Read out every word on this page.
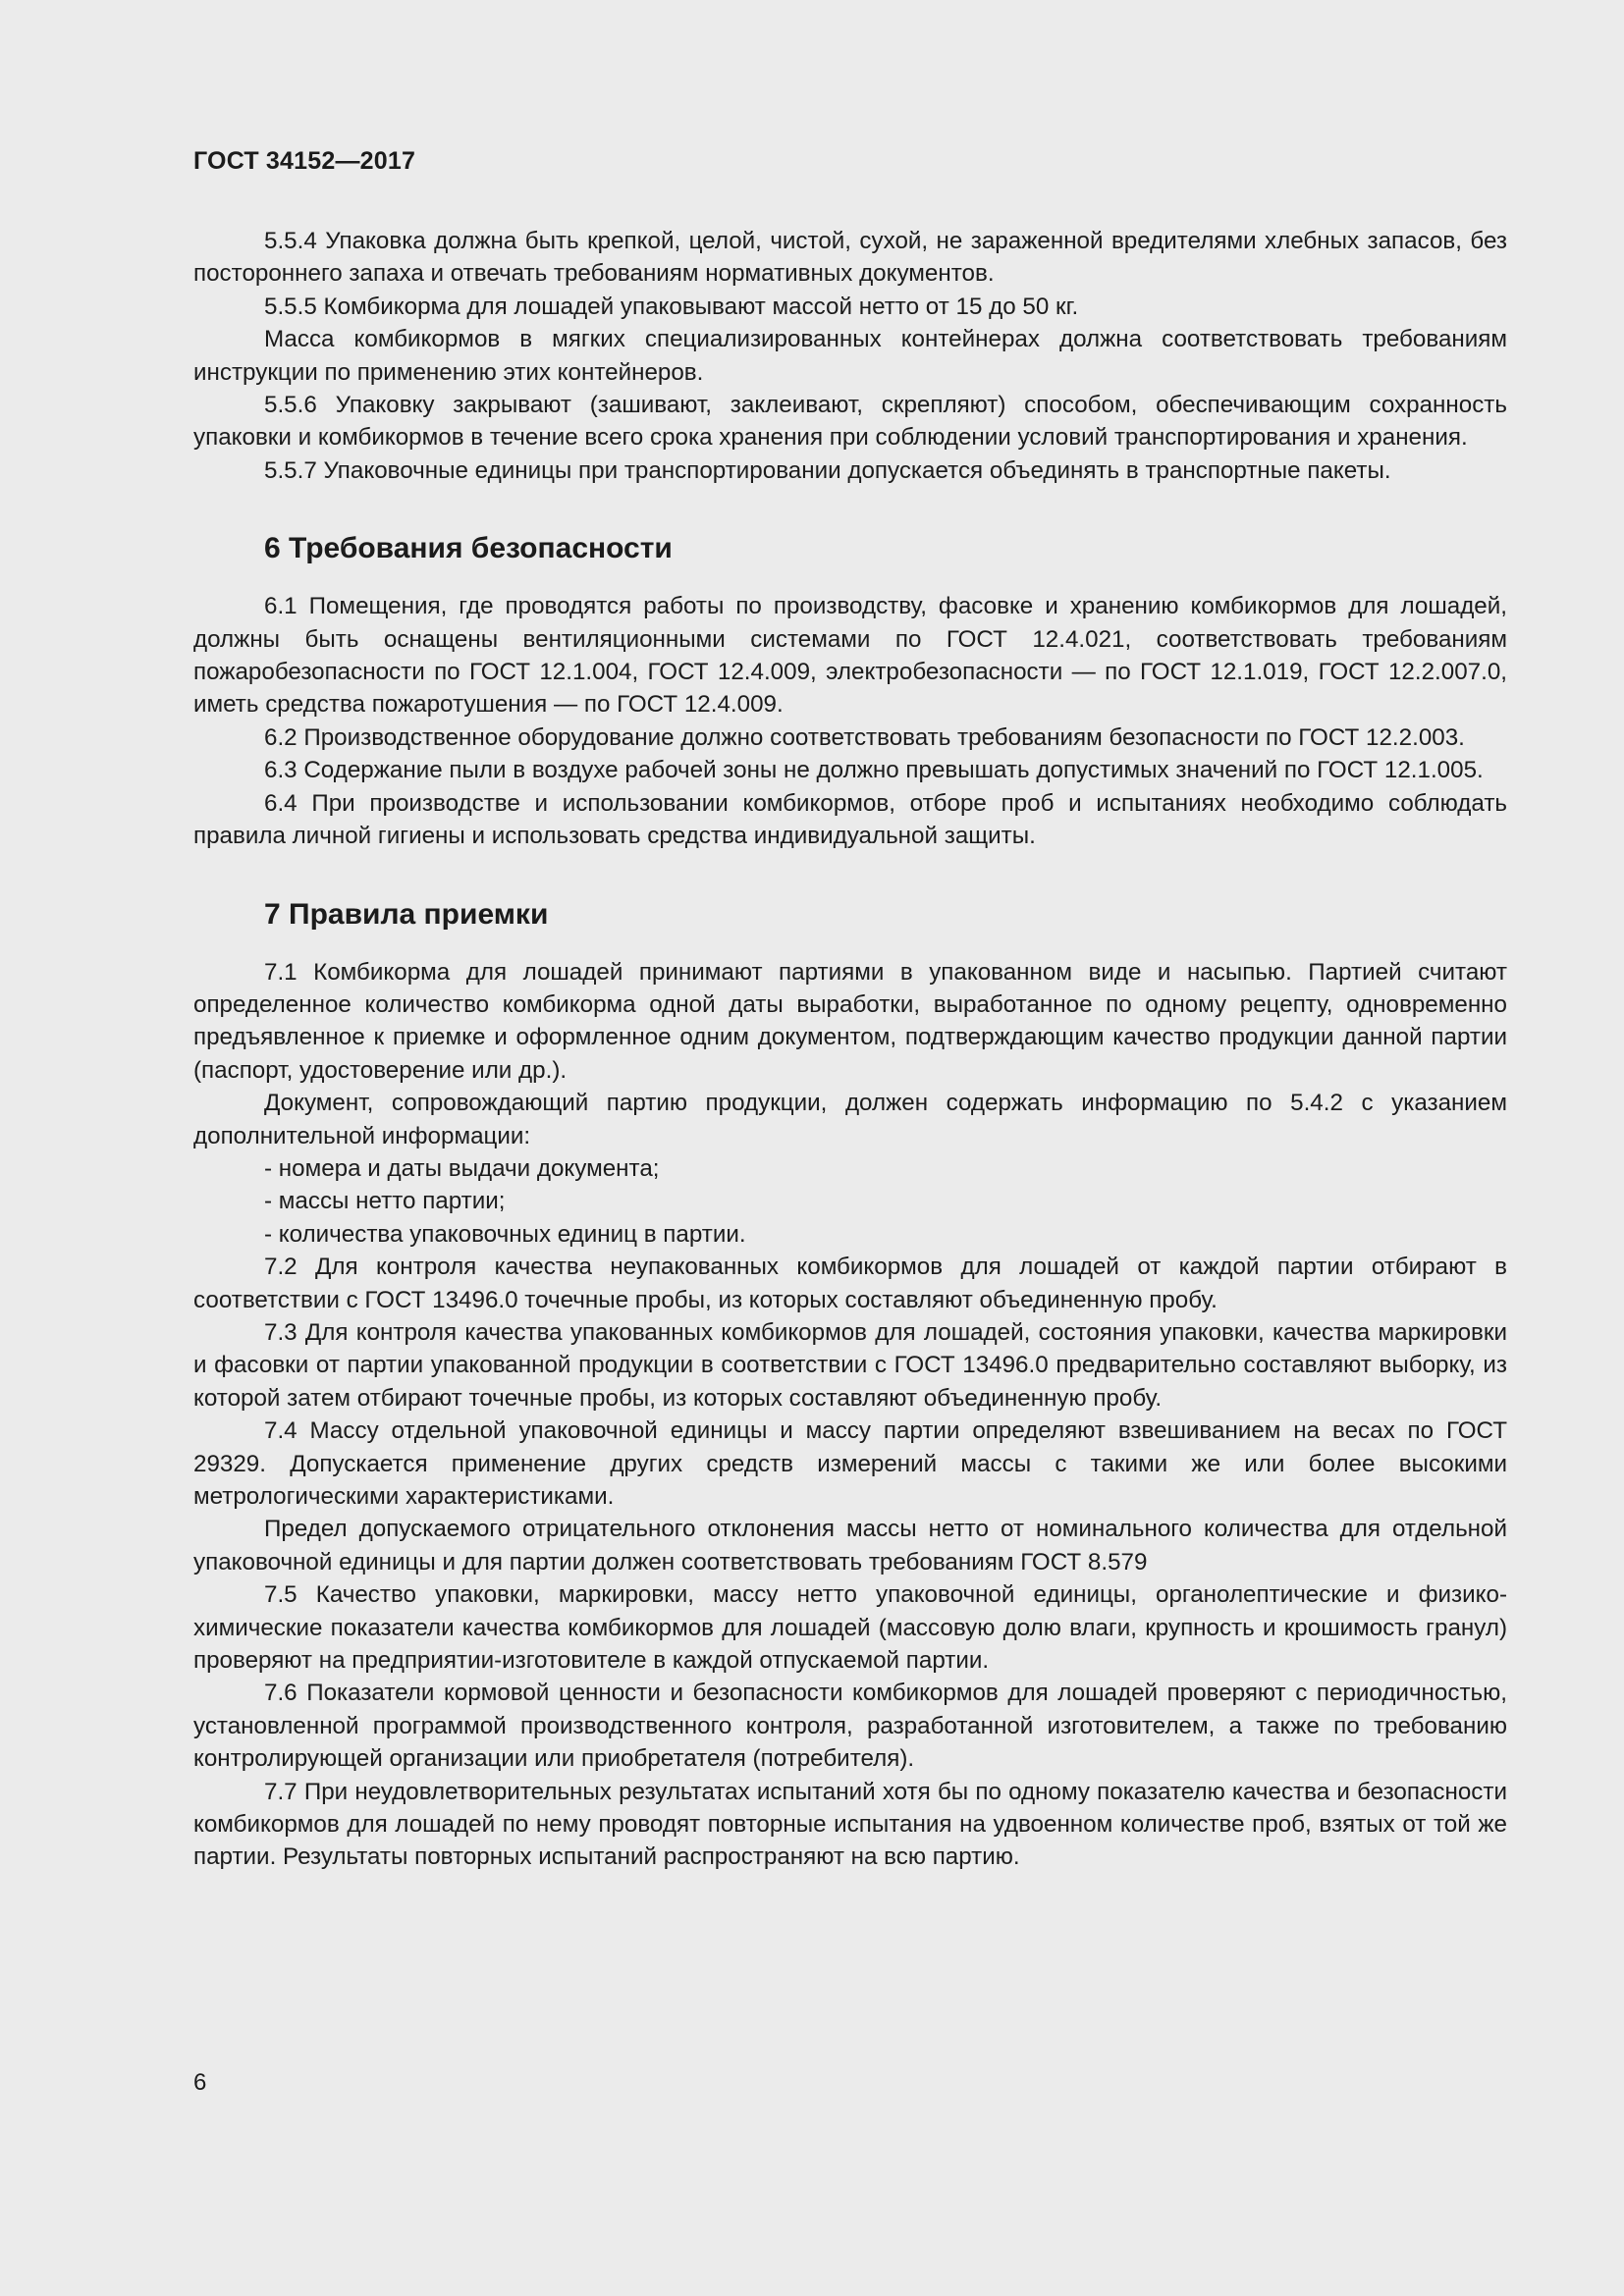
ГОСТ 34152—2017

5.5.4 Упаковка должна быть крепкой, целой, чистой, сухой, не зараженной вредителями хлебных запасов, без постороннего запаха и отвечать требованиям нормативных документов.

5.5.5 Комбикорма для лошадей упаковывают массой нетто от 15 до 50 кг.

Масса комбикормов в мягких специализированных контейнерах должна соответствовать требованиям инструкции по применению этих контейнеров.

5.5.6 Упаковку закрывают (зашивают, заклеивают, скрепляют) способом, обеспечивающим сохранность упаковки и комбикормов в течение всего срока хранения при соблюдении условий транспортирования и хранения.

5.5.7 Упаковочные единицы при транспортировании допускается объединять в транспортные пакеты.

6 Требования безопасности

6.1 Помещения, где проводятся работы по производству, фасовке и хранению комбикормов для лошадей, должны быть оснащены вентиляционными системами по ГОСТ 12.4.021, соответствовать требованиям пожаробезопасности по ГОСТ 12.1.004, ГОСТ 12.4.009, электробезопасности — по ГОСТ 12.1.019, ГОСТ 12.2.007.0, иметь средства пожаротушения — по ГОСТ 12.4.009.

6.2 Производственное оборудование должно соответствовать требованиям безопасности по ГОСТ 12.2.003.

6.3 Содержание пыли в воздухе рабочей зоны не должно превышать допустимых значений по ГОСТ 12.1.005.

6.4 При производстве и использовании комбикормов, отборе проб и испытаниях необходимо соблюдать правила личной гигиены и использовать средства индивидуальной защиты.

7 Правила приемки

7.1 Комбикорма для лошадей принимают партиями в упакованном виде и насыпью. Партией считают определенное количество комбикорма одной даты выработки, выработанное по одному рецепту, одновременно предъявленное к приемке и оформленное одним документом, подтверждающим качество продукции данной партии (паспорт, удостоверение или др.).

Документ, сопровождающий партию продукции, должен содержать информацию по 5.4.2 с указанием дополнительной информации:

- номера и даты выдачи документа;

- массы нетто партии;

- количества упаковочных единиц в партии.

7.2 Для контроля качества неупакованных комбикормов для лошадей от каждой партии отбирают в соответствии с ГОСТ 13496.0 точечные пробы, из которых составляют объединенную пробу.

7.3 Для контроля качества упакованных комбикормов для лошадей, состояния упаковки, качества маркировки и фасовки от партии упакованной продукции в соответствии с ГОСТ 13496.0 предварительно составляют выборку, из которой затем отбирают точечные пробы, из которых составляют объединенную пробу.

7.4 Массу отдельной упаковочной единицы и массу партии определяют взвешиванием на весах по ГОСТ 29329. Допускается применение других средств измерений массы с такими же или более высокими метрологическими характеристиками.

Предел допускаемого отрицательного отклонения массы нетто от номинального количества для отдельной упаковочной единицы и для партии должен соответствовать требованиям ГОСТ 8.579

7.5 Качество упаковки, маркировки, массу нетто упаковочной единицы, органолептические и физико-химические показатели качества комбикормов для лошадей (массовую долю влаги, крупность и крошимость гранул) проверяют на предприятии-изготовителе в каждой отпускаемой партии.

7.6 Показатели кормовой ценности и безопасности комбикормов для лошадей проверяют с периодичностью, установленной программой производственного контроля, разработанной изготовителем, а также по требованию контролирующей организации или приобретателя (потребителя).

7.7 При неудовлетворительных результатах испытаний хотя бы по одному показателю качества и безопасности комбикормов для лошадей по нему проводят повторные испытания на удвоенном количестве проб, взятых от той же партии. Результаты повторных испытаний распространяют на всю партию.

6
